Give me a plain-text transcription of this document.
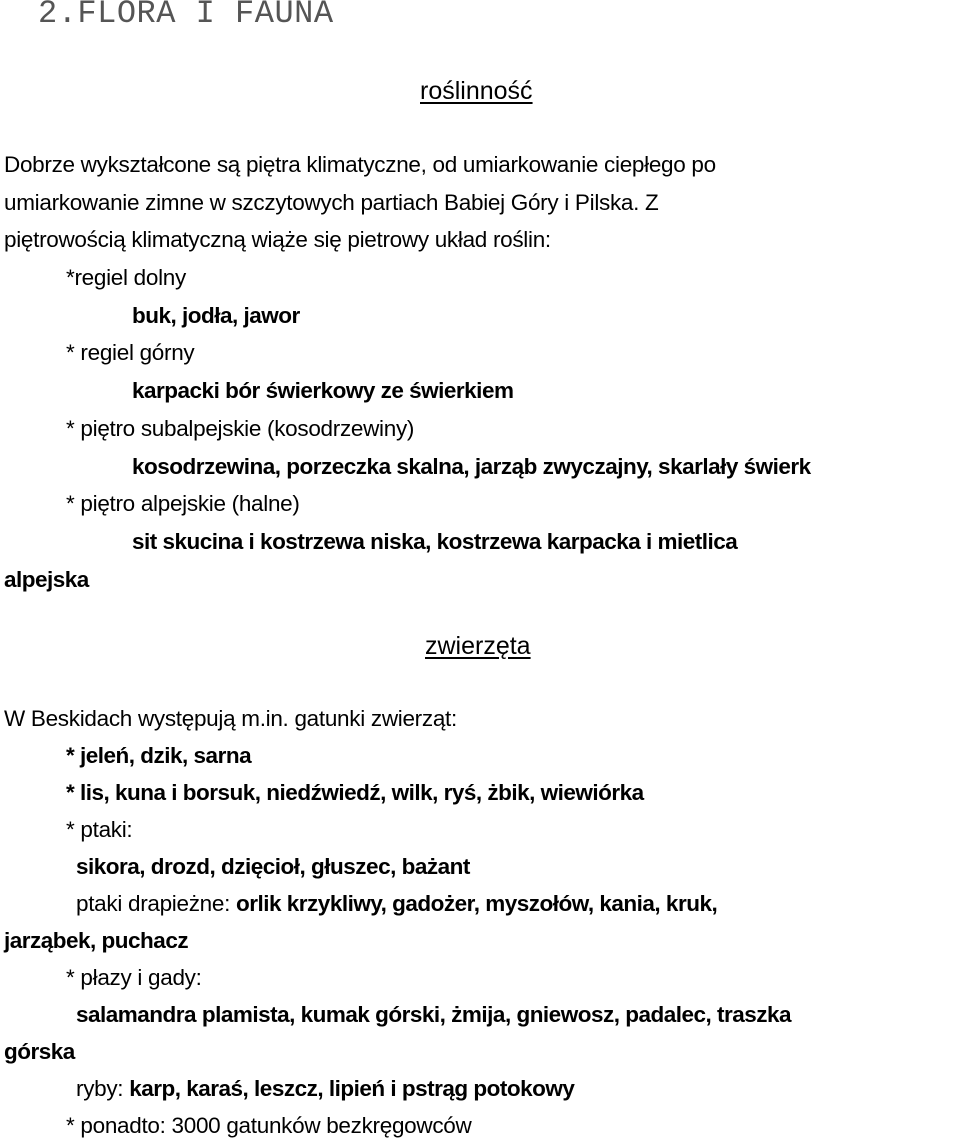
2.FLORA I FAUNA
roślinność
Dobrze wykształcone są piętra klimatyczne, od umiarkowanie ciepłego po
umiarkowanie zimne w szczytowych partiach Babiej Góry i Pilska. Z
piętrowością klimatyczną wiąże się pietrowy układ roślin:
*regiel dolny
buk, jodła, jawor
* regiel górny
karpacki bór świerkowy ze świerkiem
* piętro subalpejskie (kosodrzewiny)
kosodrzewina, porzeczka skalna, jarząb zwyczajny, skarlały świerk
* piętro alpejskie (halne)
sit skucina i kostrzewa niska, kostrzewa karpacka i mietlica
alpejska
zwierzęta
W Beskidach występują m.in. gatunki zwierząt:
* jeleń, dzik, sarna
* lis, kuna i borsuk, niedźwiedź, wilk, ryś, żbik, wiewiórka
* ptaki:
sikora, drozd, dzięcioł, głuszec, bażant
ptaki drapieżne: orlik krzykliwy, gadożer, myszołów, kania, kruk,
jarząbek, puchacz
* płazy i gady:
salamandra plamista, kumak górski, żmija, gniewosz, padalec, traszka
górska
ryby: karp, karaś, leszcz, lipień i pstrąg potokowy
* ponadto: 3000 gatunków bezkręgowców
